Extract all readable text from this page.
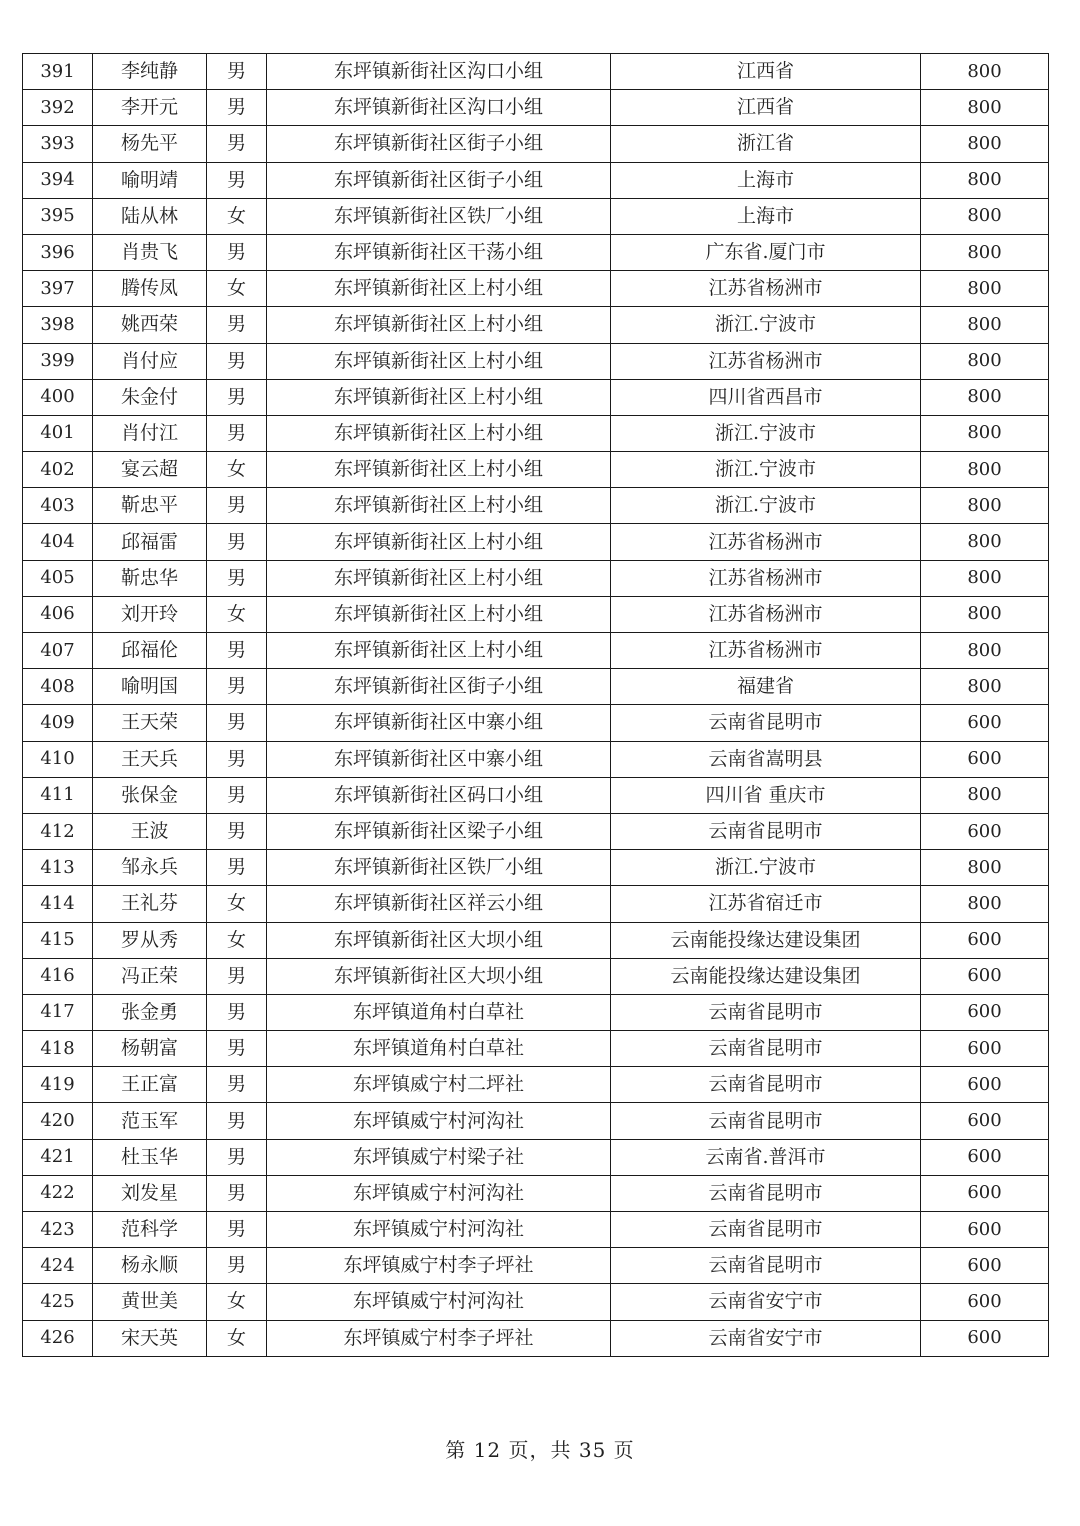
391	李纯静	男	东坪镇新街社区沟口小组	江西省	800
392	李开元	男	东坪镇新街社区沟口小组	江西省	800
393	杨先平	男	东坪镇新街社区街子小组	浙江省	800
394	喻明靖	男	东坪镇新街社区街子小组	上海市	800
395	陆从林	女	东坪镇新街社区铁厂小组	上海市	800
396	肖贵飞	男	东坪镇新街社区干荡小组	广东省.厦门市	800
397	腾传凤	女	东坪镇新街社区上村小组	江苏省杨洲市	800
398	姚西荣	男	东坪镇新街社区上村小组	浙江.宁波市	800
399	肖付应	男	东坪镇新街社区上村小组	江苏省杨洲市	800
400	朱金付	男	东坪镇新街社区上村小组	四川省西昌市	800
401	肖付江	男	东坪镇新街社区上村小组	浙江.宁波市	800
402	宴云超	女	东坪镇新街社区上村小组	浙江.宁波市	800
403	靳忠平	男	东坪镇新街社区上村小组	浙江.宁波市	800
404	邱福雷	男	东坪镇新街社区上村小组	江苏省杨洲市	800
405	靳忠华	男	东坪镇新街社区上村小组	江苏省杨洲市	800
406	刘开玲	女	东坪镇新街社区上村小组	江苏省杨洲市	800
407	邱福伦	男	东坪镇新街社区上村小组	江苏省杨洲市	800
408	喻明国	男	东坪镇新街社区街子小组	福建省	800
409	王天荣	男	东坪镇新街社区中寨小组	云南省昆明市	600
410	王天兵	男	东坪镇新街社区中寨小组	云南省嵩明县	600
411	张保金	男	东坪镇新街社区码口小组	四川省 重庆市	800
412	王波	男	东坪镇新街社区梁子小组	云南省昆明市	600
413	邹永兵	男	东坪镇新街社区铁厂小组	浙江.宁波市	800
414	王礼芬	女	东坪镇新街社区祥云小组	江苏省宿迁市	800
415	罗从秀	女	东坪镇新街社区大坝小组	云南能投缘达建设集团	600
416	冯正荣	男	东坪镇新街社区大坝小组	云南能投缘达建设集团	600
417	张金勇	男	东坪镇道角村白草社	云南省昆明市	600
418	杨朝富	男	东坪镇道角村白草社	云南省昆明市	600
419	王正富	男	东坪镇威宁村二坪社	云南省昆明市	600
420	范玉军	男	东坪镇威宁村河沟社	云南省昆明市	600
421	杜玉华	男	东坪镇威宁村梁子社	云南省.普洱市	600
422	刘发星	男	东坪镇威宁村河沟社	云南省昆明市	600
423	范科学	男	东坪镇威宁村河沟社	云南省昆明市	600
424	杨永顺	男	东坪镇威宁村李子坪社	云南省昆明市	600
425	黄世美	女	东坪镇威宁村河沟社	云南省安宁市	600
426	宋天英	女	东坪镇威宁村李子坪社	云南省安宁市	600
第 12 页，共 35 页
